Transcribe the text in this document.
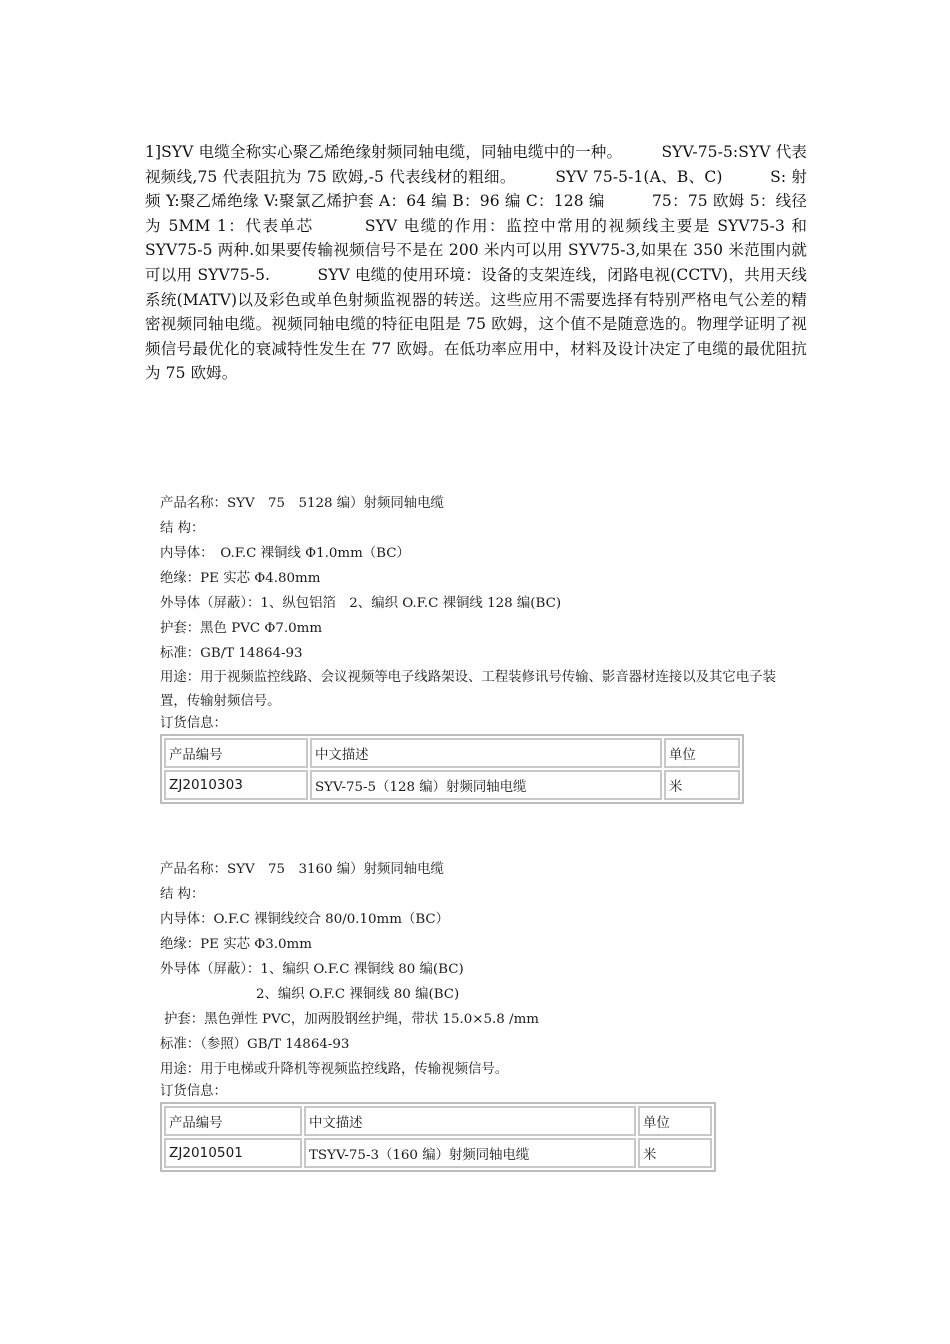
1]SYV 电缆全称实心聚乙烯绝缘射频同轴电缆，同轴电缆中的一种。　　　SYV-75-5:SYV 代表视频线,75 代表阻抗为 75 欧姆,-5 代表线材的粗细。　　　SYV 75-5-1(A、B、C)　　　S: 射频 Y:聚乙烯绝缘 V:聚氯乙烯护套 A：64 编 B：96 编 C：128 编　　　75：75 欧姆 5：线径为 5MM 1：代表单芯　　　SYV 电缆的作用：监控中常用的视频线主要是 SYV75-3 和 SYV75-5 两种.如果要传输视频信号不是在 200 米内可以用 SYV75-3,如果在 350 米范围内就可以用 SYV75-5.　　　SYV 电缆的使用环境：设备的支架连线，闭路电视(CCTV)，共用天线系统(MATV)以及彩色或单色射频监视器的转送。这些应用不需要选择有特别严格电气公差的精密视频同轴电缆。视频同轴电缆的特征电阻是 75 欧姆，这个值不是随意选的。物理学证明了视频信号最优化的衰减特性发生在 77 欧姆。在低功率应用中，材料及设计决定了电缆的最优阻抗为 75 欧姆。
产品名称：SYV　75　5128 编）射频同轴电缆
结 构：
内导体：　O.F.C 裸铜线 Φ1.0mm（BC）
绝缘：PE 实芯 Φ4.80mm
外导体（屏蔽）：1、纵包铝箔　2、编织 O.F.C 裸铜线 128 编(BC)
护套：黑色 PVC Φ7.0mm
标准：GB/T 14864-93
用途：用于视频监控线路、会议视频等电子线路架设、工程装修讯号传输、影音器材连接以及其它电子装置，传输射频信号。
订货信息：
产品编号	中文描述	单位
ZJ2010303	SYV-75-5（128 编）射频同轴电缆	米
产品名称：SYV　75　3160 编）射频同轴电缆
结 构：
内导体：O.F.C 裸铜线绞合 80/0.10mm（BC）
绝缘：PE 实芯 Φ3.0mm
外导体（屏蔽）：1、编织 O.F.C 裸铜线 80 编(BC)
2、编织 O.F.C 裸铜线 80 编(BC)
护套：黑色弹性 PVC，加两股钢丝护绳，带状 15.0×5.8 /mm
标准：（参照）GB/T 14864-93
用途：用于电梯或升降机等视频监控线路，传输视频信号。
订货信息：
产品编号	中文描述	单位
ZJ2010501	TSYV-75-3（160 编）射频同轴电缆	米
